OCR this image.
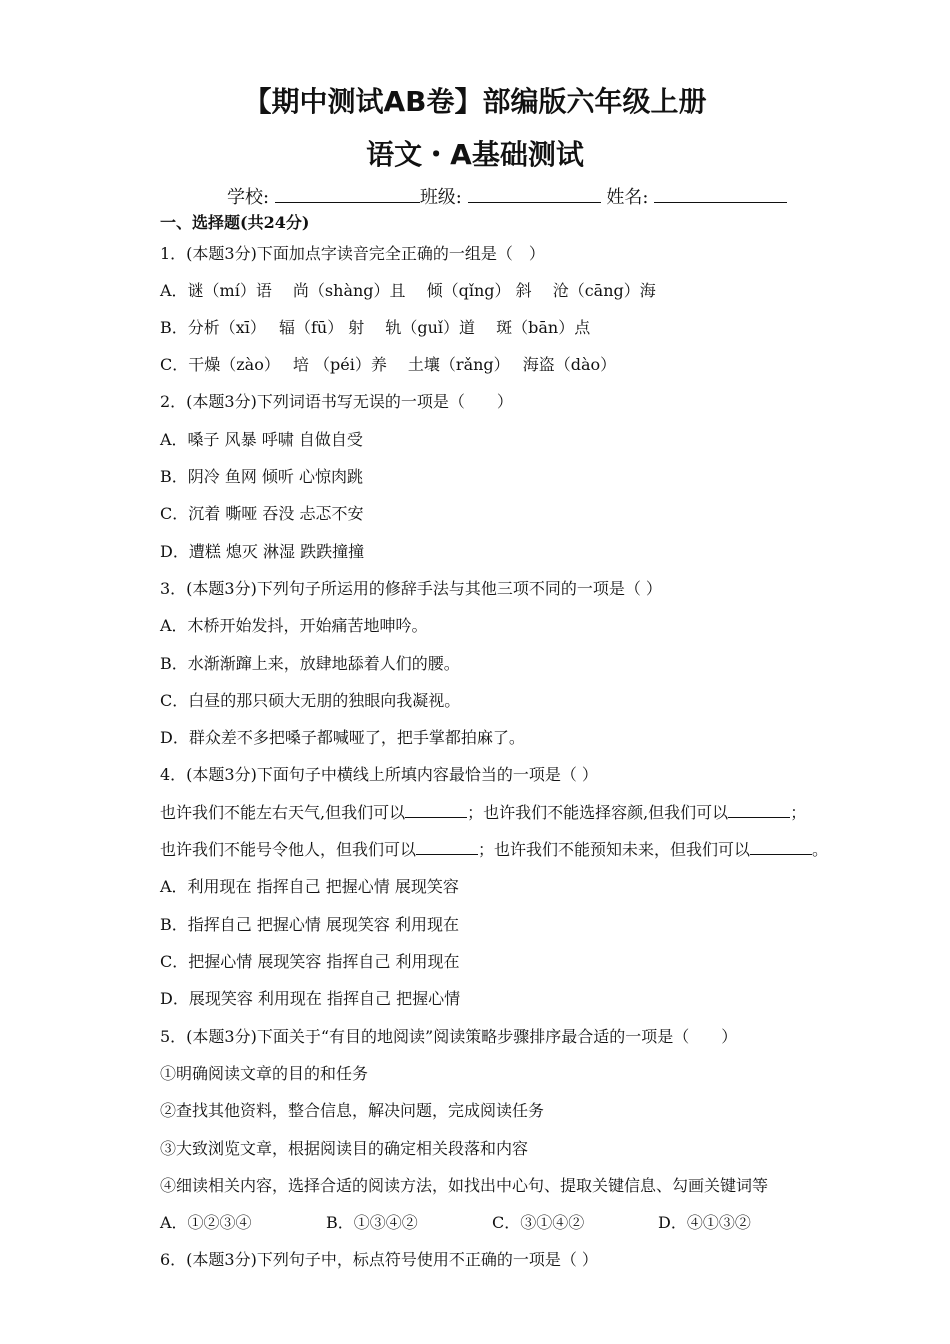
【期中测试AB卷】部编版六年级上册
语文・A基础测试
学校:	班级:	姓名:
一、选择题(共24分)
1．(本题3分)下面加点字读音完全正确的一组是（　）
A．谜（mí）语　 尚（shàng）且　 倾（qǐng） 斜　 沧（cāng）海
B．分析（xī）　 辐（fū） 射　 轨（guǐ）道　 斑（bān）点
C．干燥（zào）　 培 （péi）养　 土壤（rǎng）　 海盗（dào）
2．(本题3分)下列词语书写无误的一项是（　　）
A．嗓子 风暴 呼啸 自做自受
B．阴冷 鱼网 倾听 心惊肉跳
C．沉着 嘶哑 吞没 忐忑不安
D．遭糕 熄灭 淋湿 跌跌撞撞
3．(本题3分)下列句子所运用的修辞手法与其他三项不同的一项是（ ）
A．木桥开始发抖，开始痛苦地呻吟。
B．水渐渐蹿上来，放肆地舔着人们的腰。
C．白昼的那只硕大无朋的独眼向我凝视。
D．群众差不多把嗓子都喊哑了，把手掌都拍麻了。
4．(本题3分)下面句子中横线上所填内容最恰当的一项是（ ）
也许我们不能左右天气,但我们可以	；也许我们不能选择容颜,但我们可以	；
也许我们不能号令他人，但我们可以	；也许我们不能预知未来，但我们可以	。
A．利用现在 指挥自己 把握心情 展现笑容
B．指挥自己 把握心情 展现笑容 利用现在
C．把握心情 展现笑容 指挥自己 利用现在
D．展现笑容 利用现在 指挥自己 把握心情
5．(本题3分)下面关于“有目的地阅读”阅读策略步骤排序最合适的一项是（　　）
①明确阅读文章的目的和任务
②查找其他资料，整合信息，解决问题，完成阅读任务
③大致浏览文章，根据阅读目的确定相关段落和内容
④细读相关内容，选择合适的阅读方法，如找出中心句、提取关键信息、勾画关键词等
A．①②③④	B．①③④②	C．③①④②	D．④①③②
6．(本题3分)下列句子中，标点符号使用不正确的一项是（ ）
